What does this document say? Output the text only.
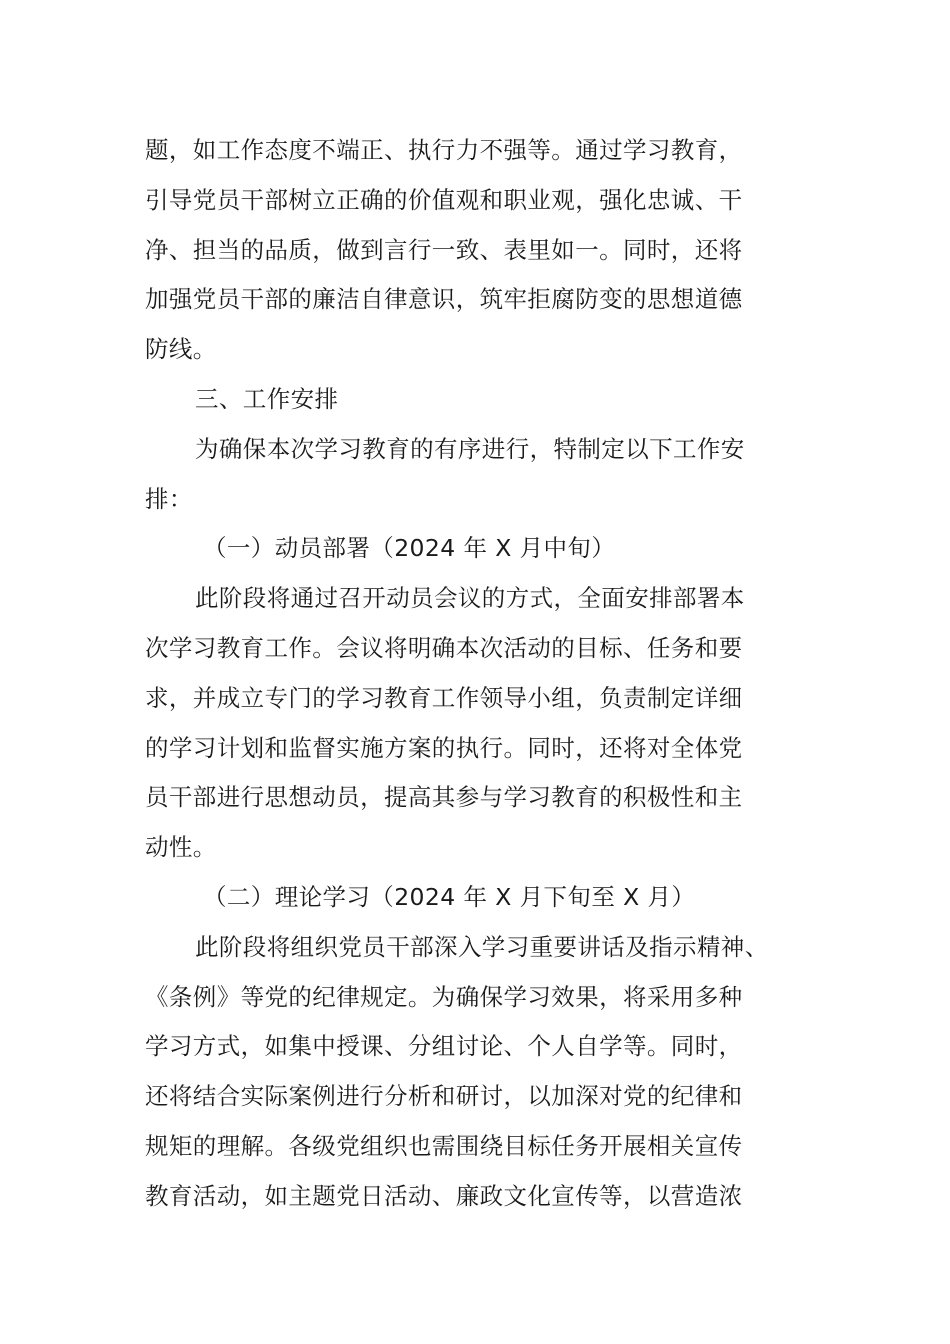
题，如工作态度不端正、执行力不强等。通过学习教育，
引导党员干部树立正确的价值观和职业观，强化忠诚、干
净、担当的品质，做到言行一致、表里如一。同时，还将
加强党员干部的廉洁自律意识，筑牢拒腐防变的思想道德
防线。
三、工作安排
为确保本次学习教育的有序进行，特制定以下工作安
排：
（一）动员部署（2024 年 X 月中旬）
此阶段将通过召开动员会议的方式，全面安排部署本
次学习教育工作。会议将明确本次活动的目标、任务和要
求，并成立专门的学习教育工作领导小组，负责制定详细
的学习计划和监督实施方案的执行。同时，还将对全体党
员干部进行思想动员，提高其参与学习教育的积极性和主
动性。
（二）理论学习（2024 年 X 月下旬至 X 月）
此阶段将组织党员干部深入学习重要讲话及指示精神、
《条例》等党的纪律规定。为确保学习效果，将采用多种
学习方式，如集中授课、分组讨论、个人自学等。同时，
还将结合实际案例进行分析和研讨，以加深对党的纪律和
规矩的理解。各级党组织也需围绕目标任务开展相关宣传
教育活动，如主题党日活动、廉政文化宣传等，以营造浓
